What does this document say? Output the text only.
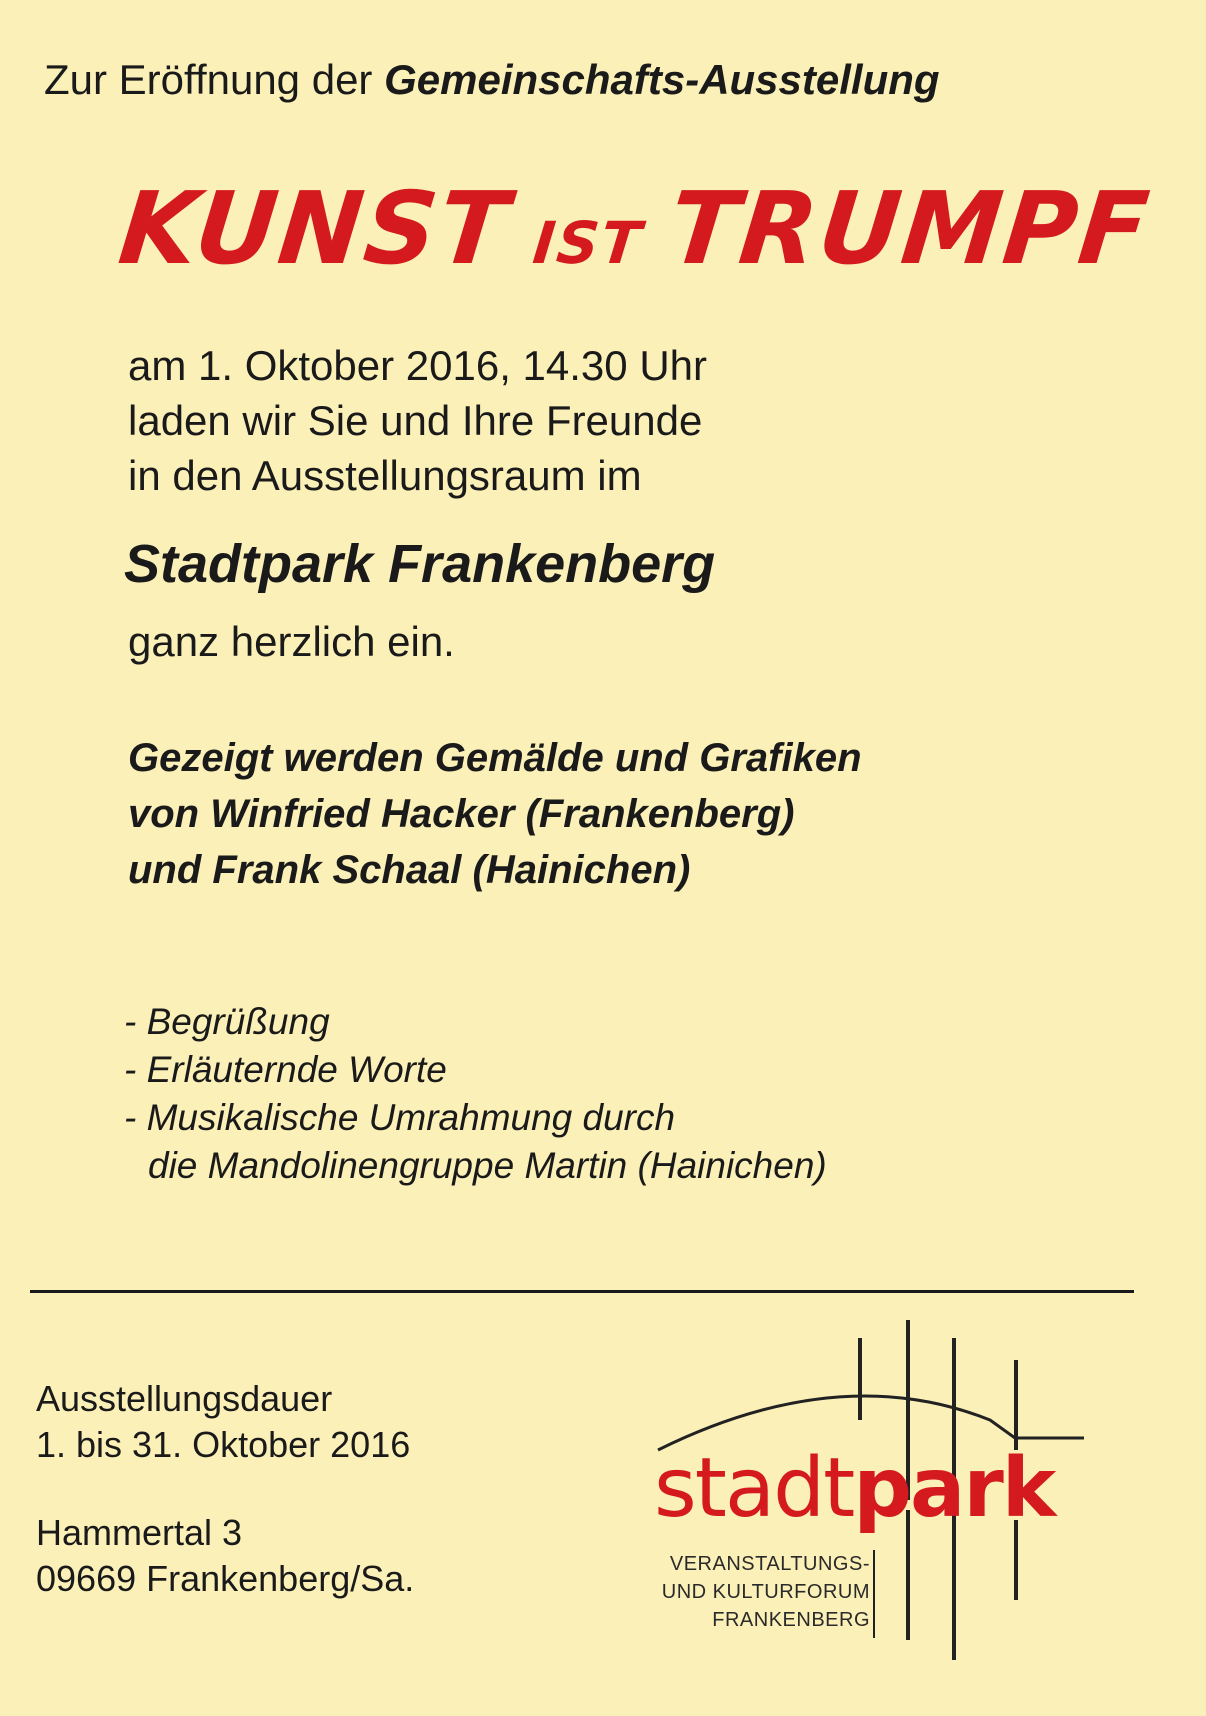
Zur Eröffnung der Gemeinschafts-Ausstellung
KUNST IST TRUMPF
am 1. Oktober 2016, 14.30 Uhr
laden wir Sie und Ihre Freunde
in den Ausstellungsraum im
Stadtpark Frankenberg
ganz herzlich ein.
Gezeigt werden Gemälde und Grafiken
von Winfried Hacker (Frankenberg)
und Frank Schaal (Hainichen)
- Begrüßung
- Erläuternde Worte
- Musikalische Umrahmung durch
die Mandolinengruppe Martin (Hainichen)
Ausstellungsdauer
1. bis 31. Oktober 2016
Hammertal 3
09669 Frankenberg/Sa.
stadtpark
VERANSTALTUNGS-
UND KULTURFORUM
FRANKENBERG
